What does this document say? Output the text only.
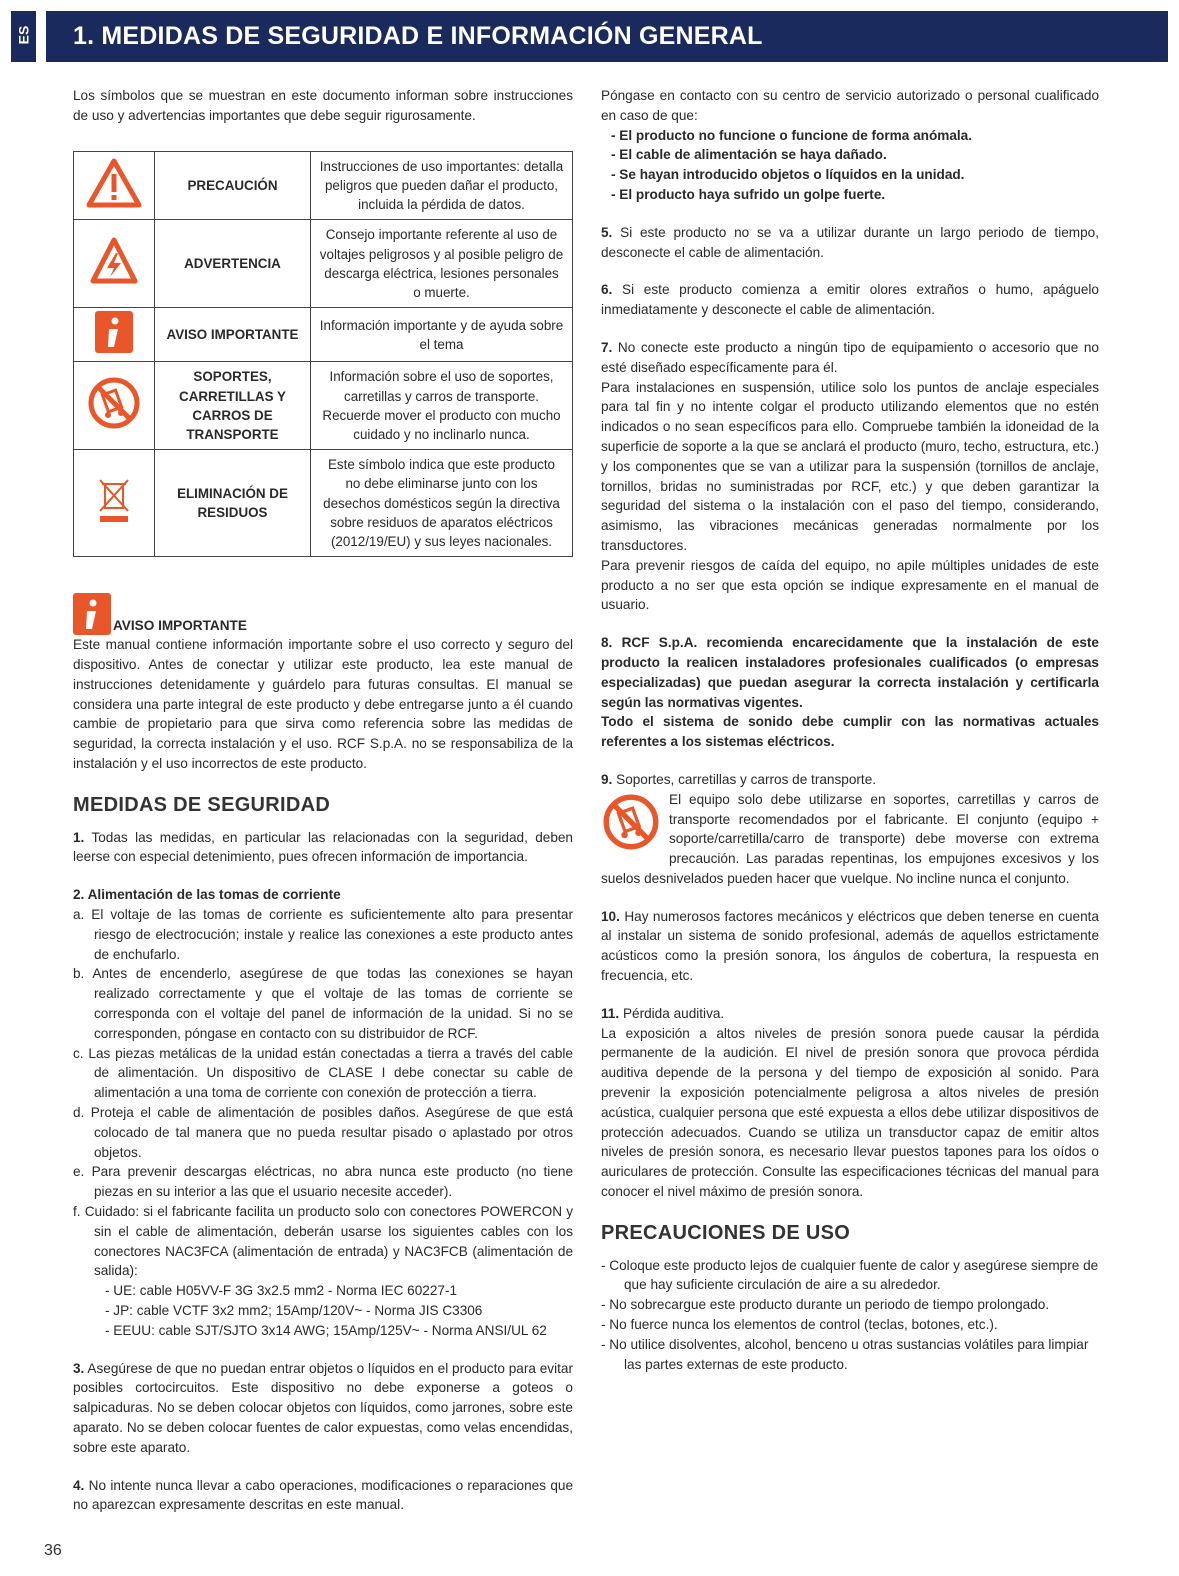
ES 1. MEDIDAS DE SEGURIDAD E INFORMACIÓN GENERAL

Los símbolos que se muestran en este documento informan sobre instrucciones de uso y advertencias importantes que debe seguir rigurosamente.

	PRECAUCIÓN	Instrucciones de uso importantes: detalla peligros que pueden dañar el producto, incluida la pérdida de datos.
	ADVERTENCIA	Consejo importante referente al uso de voltajes peligrosos y al posible peligro de descarga eléctrica, lesiones personales o muerte.
	AVISO IMPORTANTE	Información importante y de ayuda sobre el tema
	SOPORTES, CARRETILLAS Y CARROS DE TRANSPORTE	Información sobre el uso de soportes, carretillas y carros de transporte. Recuerde mover el producto con mucho cuidado y no inclinarlo nunca.
	ELIMINACIÓN DE RESIDUOS	Este símbolo indica que este producto no debe eliminarse junto con los desechos domésticos según la directiva sobre residuos de aparatos eléctricos (2012/19/EU) y sus leyes nacionales.
AVISO IMPORTANTE

Este manual contiene información importante sobre el uso correcto y seguro del dispositivo. Antes de conectar y utilizar este producto, lea este manual de instrucciones detenidamente y guárdelo para futuras consultas. El manual se considera una parte integral de este producto y debe entregarse junto a él cuando cambie de propietario para que sirva como referencia sobre las medidas de seguridad, la correcta instalación y el uso. RCF S.p.A. no se responsabiliza de la instalación y el uso incorrectos de este producto.

MEDIDAS DE SEGURIDAD

1. Todas las medidas, en particular las relacionadas con la seguridad, deben leerse con especial detenimiento, pues ofrecen información de importancia.

2. Alimentación de las tomas de corriente

a. El voltaje de las tomas de corriente es suficientemente alto para presentar riesgo de electrocución; instale y realice las conexiones a este producto antes de enchufarlo.
b. Antes de encenderlo, asegúrese de que todas las conexiones se hayan realizado correctamente y que el voltaje de las tomas de corriente se corresponda con el voltaje del panel de información de la unidad. Si no se corresponden, póngase en contacto con su distribuidor de RCF.
c. Las piezas metálicas de la unidad están conectadas a tierra a través del cable de alimentación. Un dispositivo de CLASE I debe conectar su cable de alimentación a una toma de corriente con conexión de protección a tierra.
d. Proteja el cable de alimentación de posibles daños. Asegúrese de que está colocado de tal manera que no pueda resultar pisado o aplastado por otros objetos.
e. Para prevenir descargas eléctricas, no abra nunca este producto (no tiene piezas en su interior a las que el usuario necesite acceder).
f. Cuidado: si el fabricante facilita un producto solo con conectores POWERCON y sin el cable de alimentación, deberán usarse los siguientes cables con los conectores NAC3FCA (alimentación de entrada) y NAC3FCB (alimentación de salida):
- UE: cable H05VV-F 3G 3x2.5 mm2 - Norma IEC 60227-1
- JP: cable VCTF 3x2 mm2; 15Amp/120V~ - Norma JIS C3306
- EEUU: cable SJT/SJTO 3x14 AWG; 15Amp/125V~ - Norma ANSI/UL 62

3. Asegúrese de que no puedan entrar objetos o líquidos en el producto para evitar posibles cortocircuitos. Este dispositivo no debe exponerse a goteos o salpicaduras. No se deben colocar objetos con líquidos, como jarrones, sobre este aparato. No se deben colocar fuentes de calor expuestas, como velas encendidas, sobre este aparato.

4. No intente nunca llevar a cabo operaciones, modificaciones o reparaciones que no aparezcan expresamente descritas en este manual.

Póngase en contacto con su centro de servicio autorizado o personal cualificado en caso de que:

- El producto no funcione o funcione de forma anómala.
- El cable de alimentación se haya dañado.
- Se hayan introducido objetos o líquidos en la unidad.
- El producto haya sufrido un golpe fuerte.

5. Si este producto no se va a utilizar durante un largo periodo de tiempo, desconecte el cable de alimentación.

6. Si este producto comienza a emitir olores extraños o humo, apáguelo inmediatamente y desconecte el cable de alimentación.

7. No conecte este producto a ningún tipo de equipamiento o accesorio que no esté diseñado específicamente para él.

Para instalaciones en suspensión, utilice solo los puntos de anclaje especiales para tal fin y no intente colgar el producto utilizando elementos que no estén indicados o no sean específicos para ello. Compruebe también la idoneidad de la superficie de soporte a la que se anclará el producto (muro, techo, estructura, etc.) y los componentes que se van a utilizar para la suspensión (tornillos de anclaje, tornillos, bridas no suministradas por RCF, etc.) y que deben garantizar la seguridad del sistema o la instalación con el paso del tiempo, considerando, asimismo, las vibraciones mecánicas generadas normalmente por los transductores.

Para prevenir riesgos de caída del equipo, no apile múltiples unidades de este producto a no ser que esta opción se indique expresamente en el manual de usuario.

8. RCF S.p.A. recomienda encarecidamente que la instalación de este producto la realicen instaladores profesionales cualificados (o empresas especializadas) que puedan asegurar la correcta instalación y certificarla según las normativas vigentes.

Todo el sistema de sonido debe cumplir con las normativas actuales referentes a los sistemas eléctricos.

9. Soportes, carretillas y carros de transporte.

El equipo solo debe utilizarse en soportes, carretillas y carros de transporte recomendados por el fabricante. El conjunto (equipo + soporte/carretilla/carro de transporte) debe moverse con extrema precaución. Las paradas repentinas, los empujones excesivos y los suelos desnivelados pueden hacer que vuelque. No incline nunca el conjunto.

10. Hay numerosos factores mecánicos y eléctricos que deben tenerse en cuenta al instalar un sistema de sonido profesional, además de aquellos estrictamente acústicos como la presión sonora, los ángulos de cobertura, la respuesta en frecuencia, etc.

11. Pérdida auditiva.

La exposición a altos niveles de presión sonora puede causar la pérdida permanente de la audición. El nivel de presión sonora que provoca pérdida auditiva depende de la persona y del tiempo de exposición al sonido. Para prevenir la exposición potencialmente peligrosa a altos niveles de presión acústica, cualquier persona que esté expuesta a ellos debe utilizar dispositivos de protección adecuados. Cuando se utiliza un transductor capaz de emitir altos niveles de presión sonora, es necesario llevar puestos tapones para los oídos o auriculares de protección. Consulte las especificaciones técnicas del manual para conocer el nivel máximo de presión sonora.

PRECAUCIONES DE USO
- Coloque este producto lejos de cualquier fuente de calor y asegúrese siempre de que hay suficiente circulación de aire a su alrededor.
- No sobrecargue este producto durante un periodo de tiempo prolongado.
- No fuerce nunca los elementos de control (teclas, botones, etc.).
- No utilice disolventes, alcohol, benceno u otras sustancias volátiles para limpiar las partes externas de este producto.
36
